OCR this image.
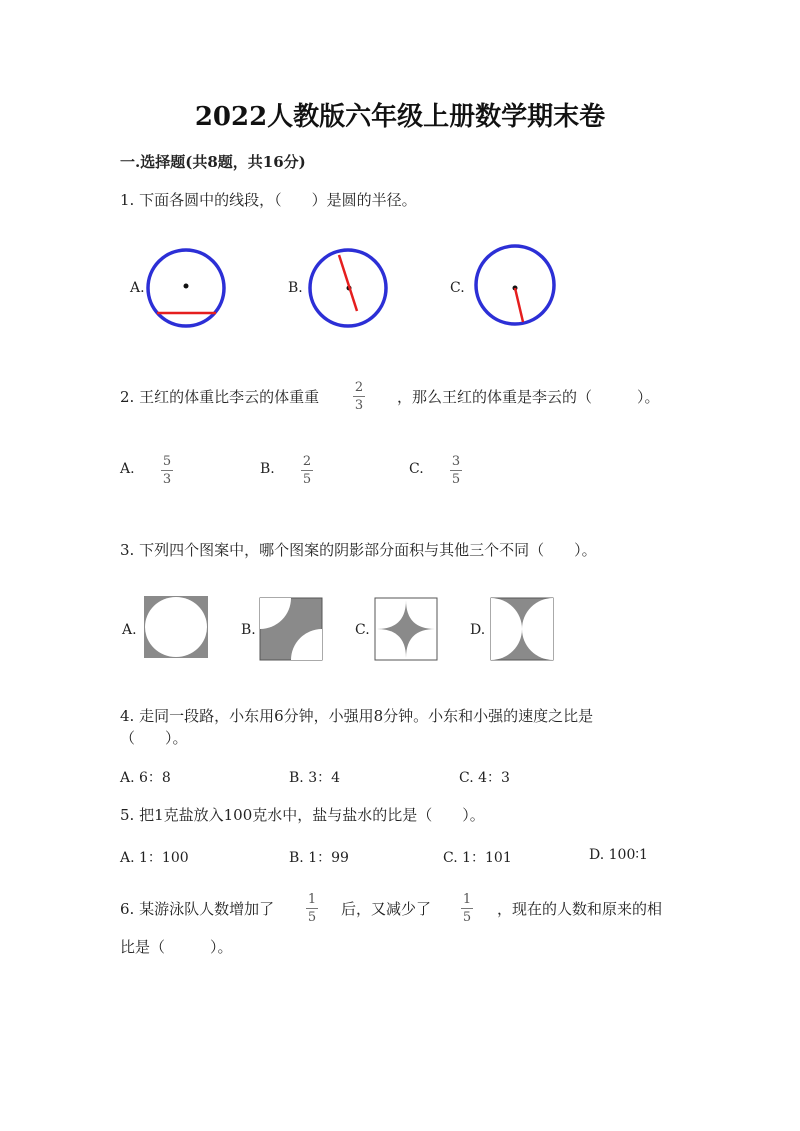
2022人教版六年级上册数学期末卷
一.选择题(共8题，共16分)
1. 下面各圆中的线段，（　　）是圆的半径。
A.	B.	C.
2. 王红的体重比李云的体重重
2
3 ，那么王红的体重是李云的（　　　）。
A. 5
3
B. 2
5
C. 3
5
3. 下列四个图案中，哪个图案的阴影部分面积与其他三个不同（　　）。
A.	B.	C.	D.
4. 走同一段路，小东用6分钟，小强用8分钟。小东和小强的速度之比是
（　　）。
A. 6：8	B. 3：4	C. 4：3
5. 把1克盐放入100克水中，盐与盐水的比是（　　）。
A. 1：100	B. 1：99	C. 1：101	D. 100∶1
6. 某游泳队人数增加了
1
5 后，又减少了
1
5 ，现在的人数和原来的相
比是（　　　）。
